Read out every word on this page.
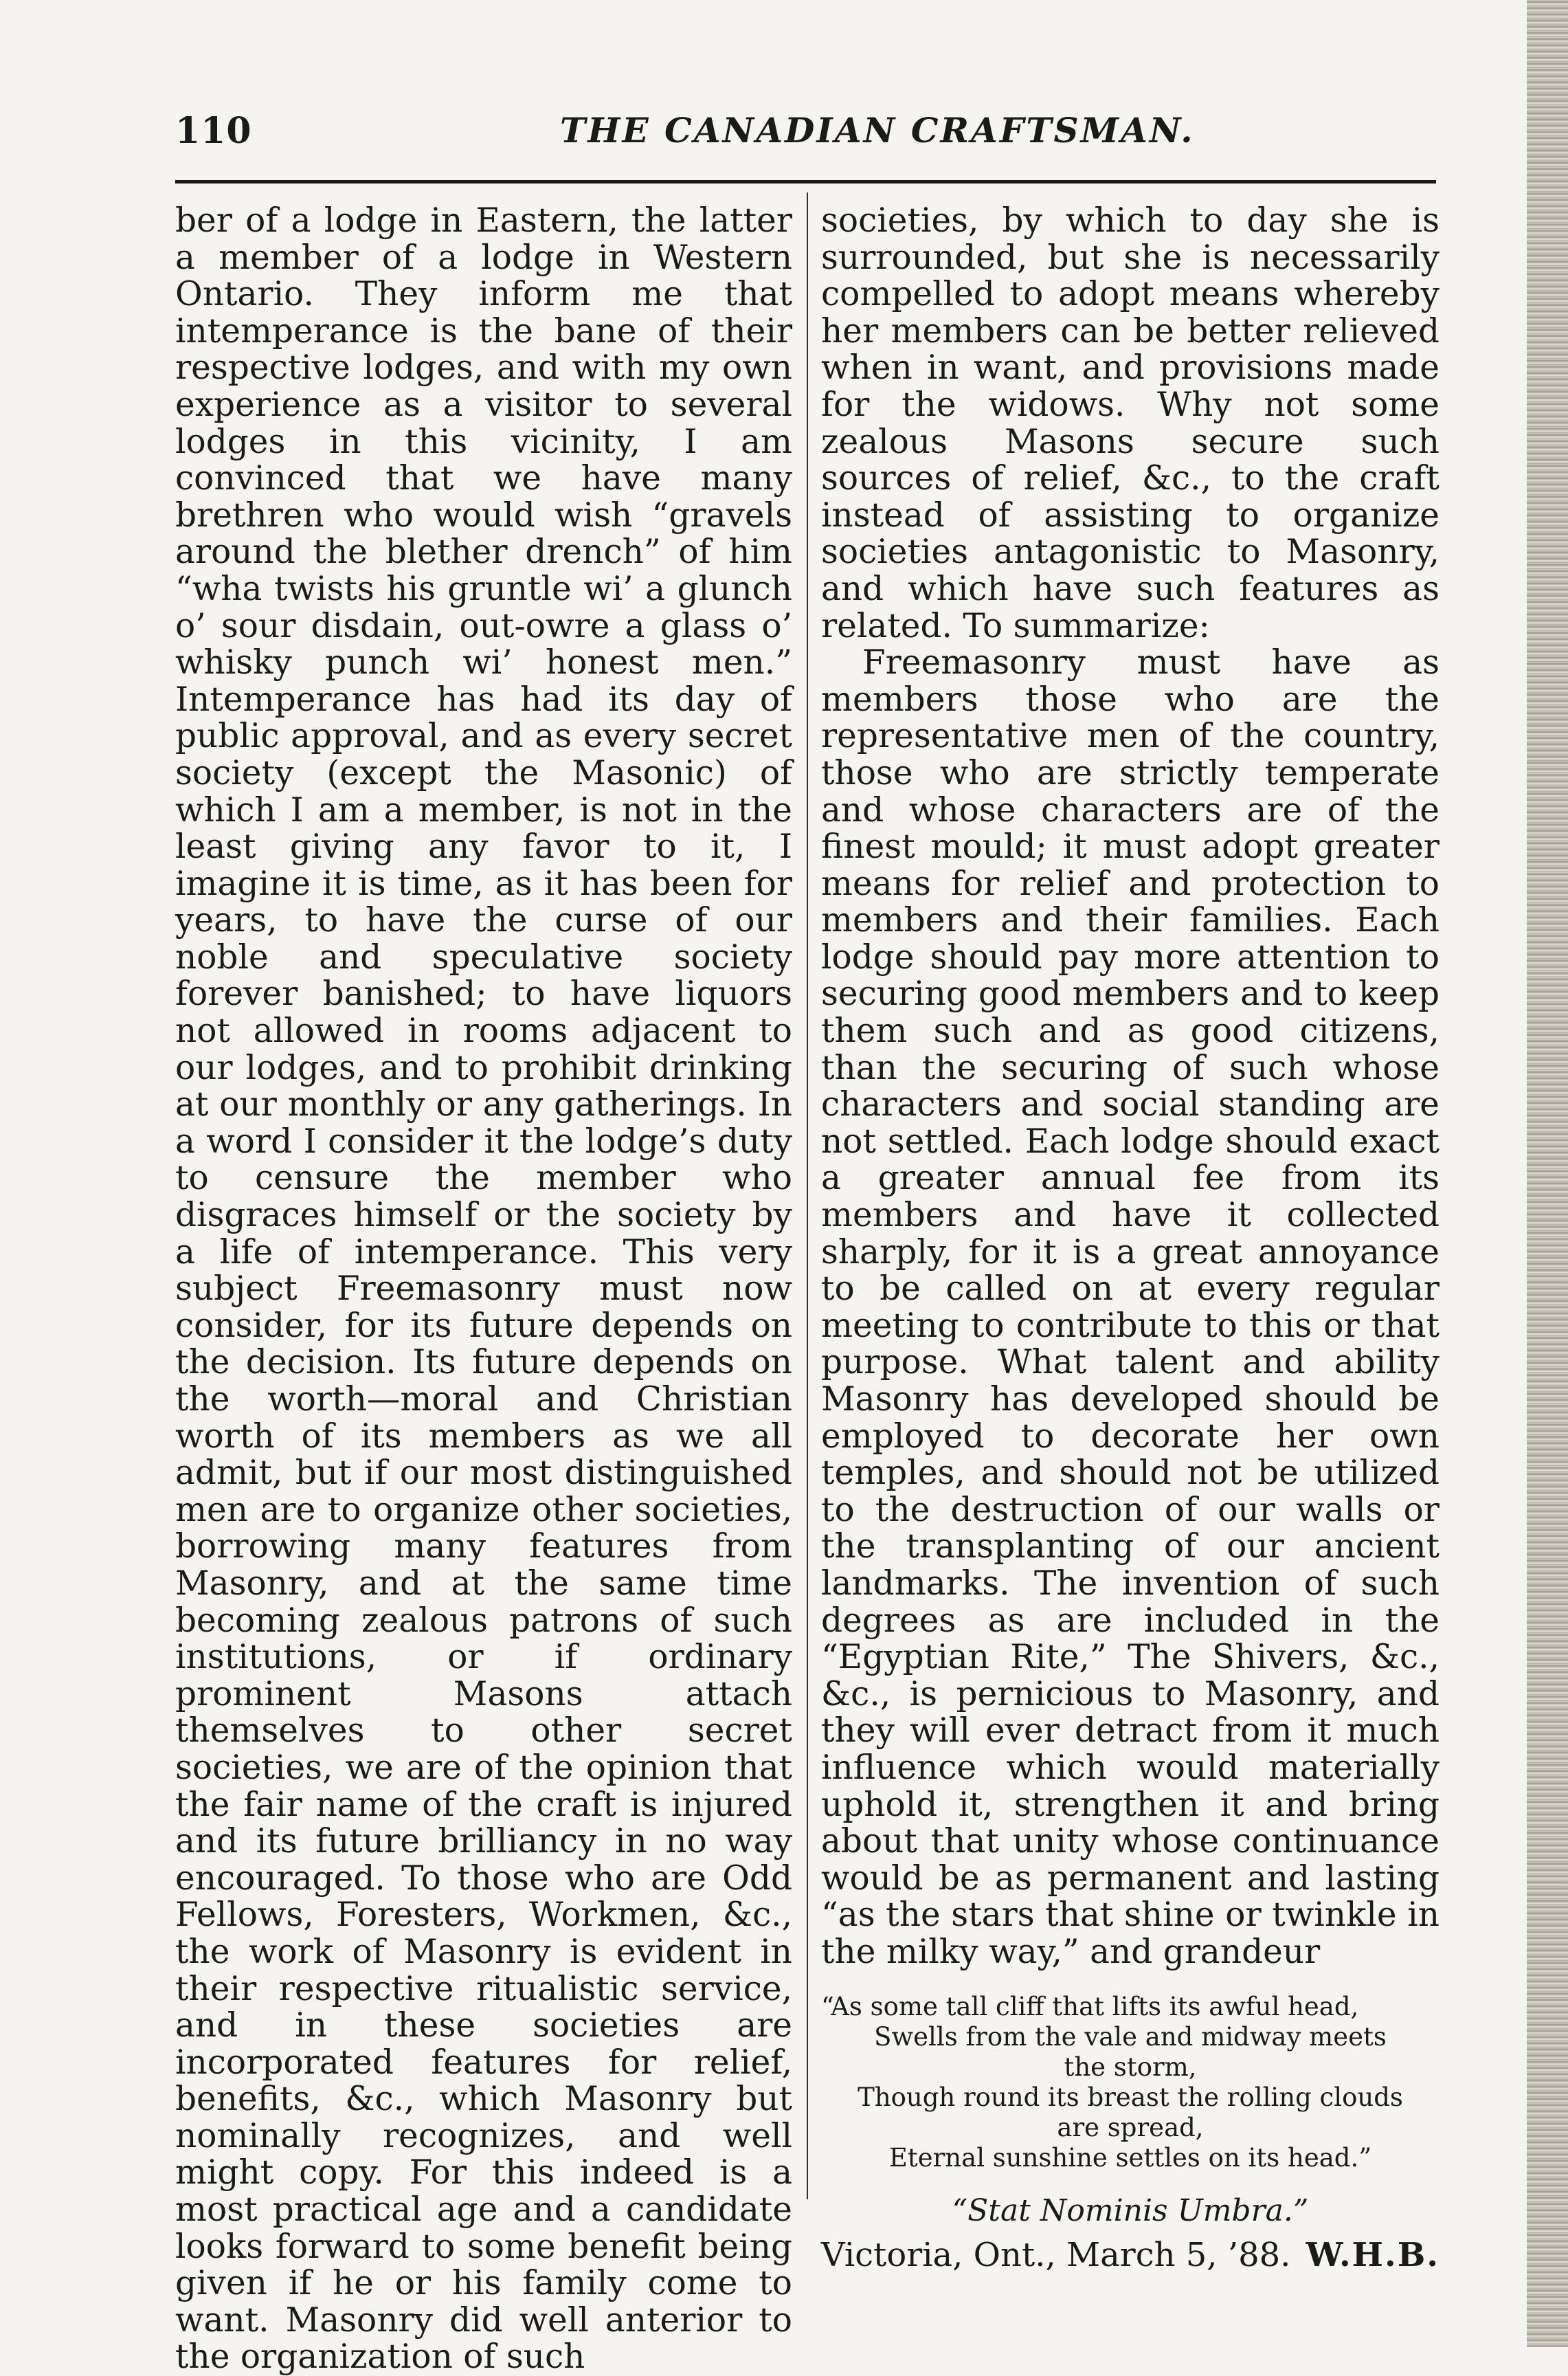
110	THE CANADIAN CRAFTSMAN.

ber of a lodge in Eastern, the latter a member of a lodge in Western Ontario. They inform me that intemperance is the bane of their respective lodges, and with my own experience as a visitor to several lodges in this vicinity, I am convinced that we have many brethren who would wish “gravels around the blether drench” of him “wha twists his gruntle wi’ a glunch o’ sour disdain, out-owre a glass o’ whisky punch wi’ honest men.” Intemperance has had its day of public approval, and as every secret society (except the Masonic) of which I am a member, is not in the least giving any favor to it, I imagine it is time, as it has been for years, to have the curse of our noble and speculative society forever banished; to have liquors not allowed in rooms adjacent to our lodges, and to prohibit drinking at our monthly or any gatherings. In a word I consider it the lodge’s duty to censure the member who disgraces himself or the society by a life of intemperance. This very subject Freemasonry must now consider, for its future depends on the decision. Its future depends on the worth—moral and Christian worth of its members as we all admit, but if our most distinguished men are to organize other societies, borrowing many features from Masonry, and at the same time becoming zealous patrons of such institutions, or if ordinary prominent Masons attach themselves to other secret societies, we are of the opinion that the fair name of the craft is injured and its future brilliancy in no way encouraged. To those who are Odd Fellows, Foresters, Workmen, &c., the work of Masonry is evident in their respective ritualistic service, and in these societies are incorporated features for relief, benefits, &c., which Masonry but nominally recognizes, and well might copy. For this indeed is a most practical age and a candidate looks forward to some benefit being given if he or his family come to want. Masonry did well anterior to the organization of such

societies, by which to day she is surrounded, but she is necessarily compelled to adopt means whereby her members can be better relieved when in want, and provisions made for the widows. Why not some zealous Masons secure such sources of relief, &c., to the craft instead of assisting to organize societies antagonistic to Masonry, and which have such features as related. To summarize:

Freemasonry must have as members those who are the representative men of the country, those who are strictly temperate and whose characters are of the finest mould; it must adopt greater means for relief and protection to members and their families. Each lodge should pay more attention to securing good members and to keep them such and as good citizens, than the securing of such whose characters and social standing are not settled. Each lodge should exact a greater annual fee from its members and have it collected sharply, for it is a great annoyance to be called on at every regular meeting to contribute to this or that purpose. What talent and ability Masonry has developed should be employed to decorate her own temples, and should not be utilized to the destruction of our walls or the transplanting of our ancient landmarks. The invention of such degrees as are included in the “Egyptian Rite,” The Shivers, &c., &c., is pernicious to Masonry, and they will ever detract from it much influence which would materially uphold it, strengthen it and bring about that unity whose continuance would be as permanent and lasting “as the stars that shine or twinkle in the milky way,” and grandeur

“As some tall cliff that lifts its awful head,
Swells from the vale and midway meets
the storm,
Though round its breast the rolling clouds
are spread,
Eternal sunshine settles on its head.”
“Stat Nominis Umbra.”
Victoria, Ont., March 5, ’88. W.H.B.
